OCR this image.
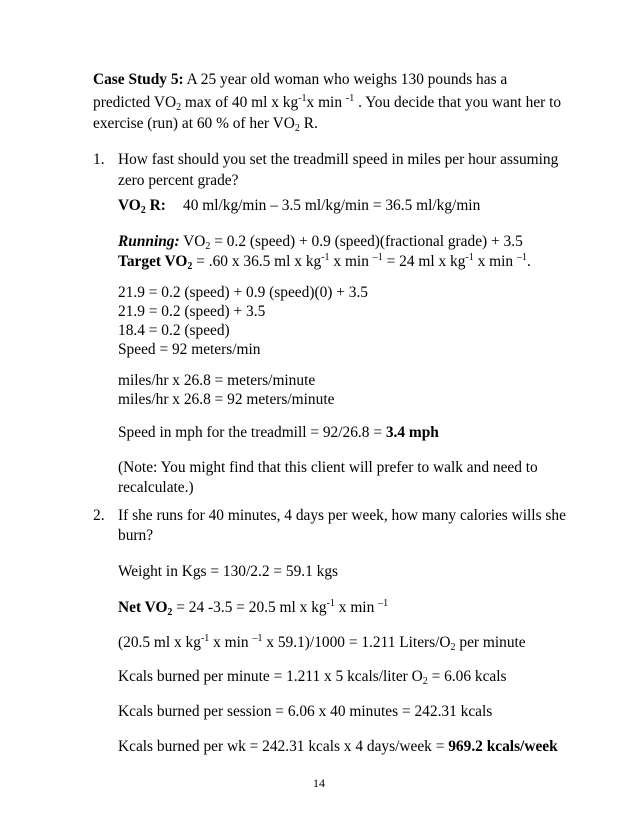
Case Study 5: A 25 year old woman who weighs 130 pounds has a
predicted $VO_2$ max of 40 ml x $kg^{-1}x$ min $^{-1}$ . You decide that you want her to
exercise (run) at 60 % of her $VO_2$ R.
1. How fast should you set the treadmill speed in miles per hour assuming
zero percent grade?
$VO_2$ R: 40 ml/kg/min – 3.5 ml/kg/min = 36.5 ml/kg/min
Running: $VO_2 = 0.2$ (speed) + 0.9 (speed)(fractional grade) + 3.5
Target $VO_2 = .60$ x 36.5 ml x $kg^{-1}$ x min $^{-1}$ = 24 ml x $kg^{-1}$ x min $^{-1}$.
21.9 = 0.2 (speed) + 0.9 (speed)(0) + 3.5
21.9 = 0.2 (speed) + 3.5
18.4 = 0.2 (speed)
Speed = 92 meters/min
miles/hr x 26.8 = meters/minute
miles/hr x 26.8 = 92 meters/minute
Speed in mph for the treadmill = 92/26.8 = 3.4 mph
(Note: You might find that this client will prefer to walk and need to
recalculate.)
2. If she runs for 40 minutes, 4 days per week, how many calories wills she
burn?
Weight in Kgs = 130/2.2 = 59.1 kgs
Net $VO_2 = 24$ -3.5 = 20.5 ml x $kg^{-1}$ x min $^{-1}$
(20.5 ml x $kg^{-1}$ x min $^{-1}$ x 59.1)/1000 = 1.211 Liters/$O_2$ per minute
Kcals burned per minute = 1.211 x 5 kcals/liter $O_2 = 6.06$ kcals
Kcals burned per session = 6.06 x 40 minutes = 242.31 kcals
Kcals burned per wk = 242.31 kcals x 4 days/week = 969.2 kcals/week
14
